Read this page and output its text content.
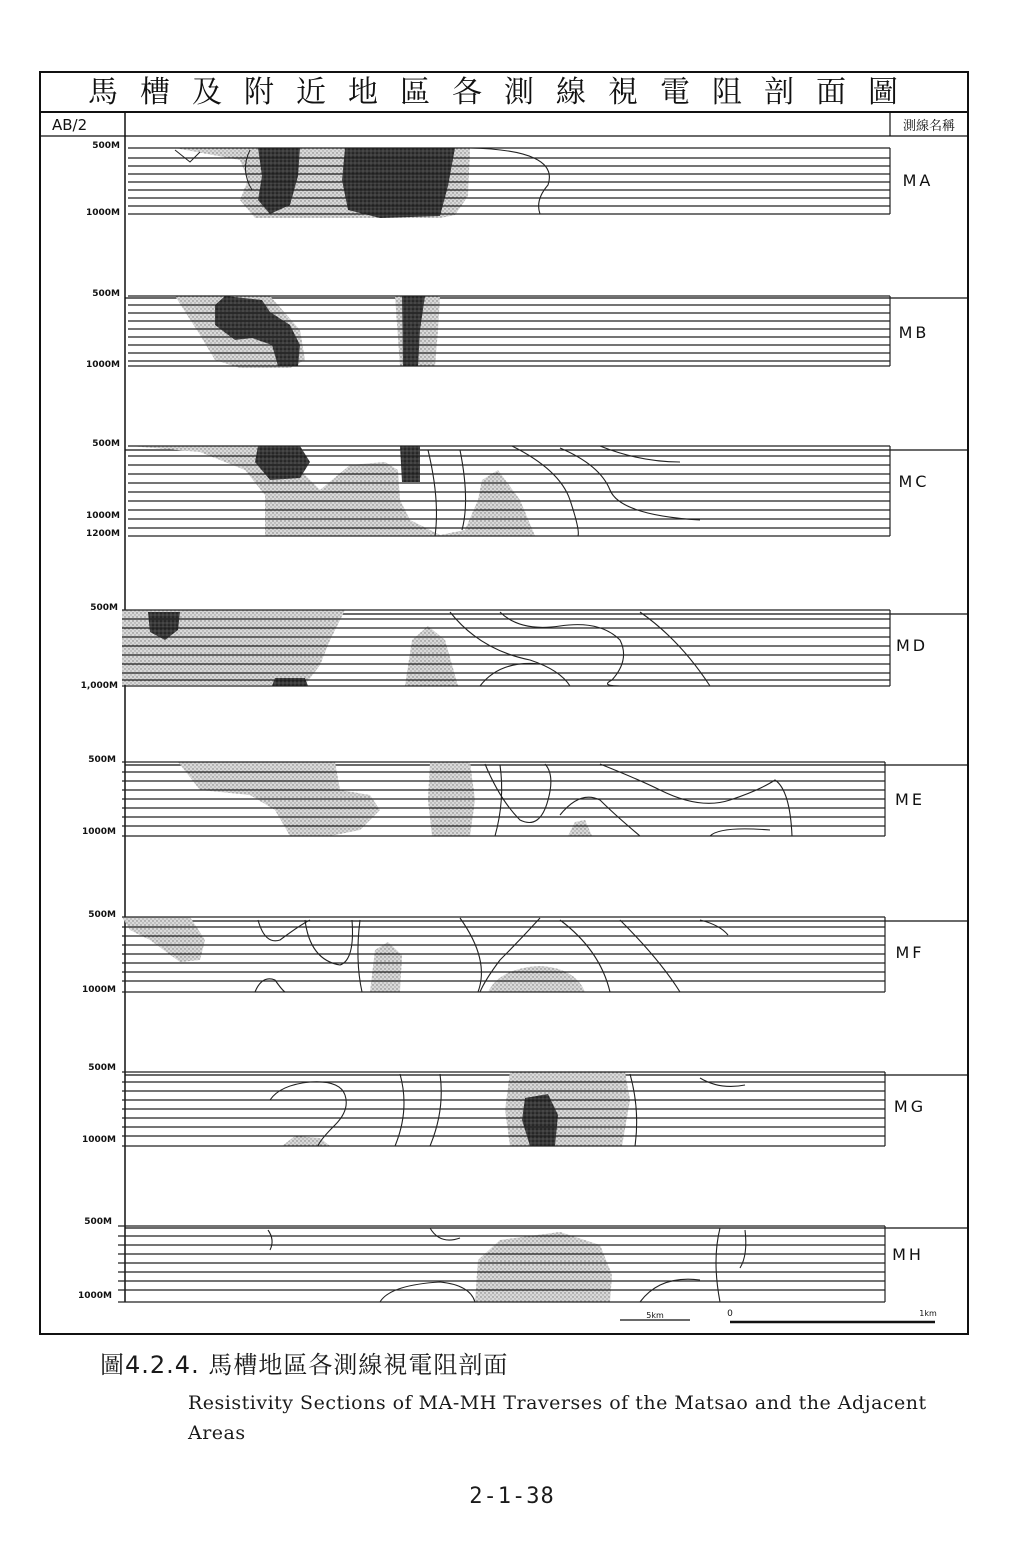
馬槽及附近地區各測線視電阻剖面圖
AB/2	測線名稱
500M
1000M
500M
1000M
500M
1000M
1200M
500M
1,000M
500M
1000M
500M
1000M
500M
1000M
500M
1000M
MA
MB
MC
MD
ME
MF
MG
MH
5km	0	1km
圖4.2.4. 馬槽地區各測線視電阻剖面
Resistivity Sections of MA-MH Traverses of the Matsao and the Adjacent Areas
2-1-38
